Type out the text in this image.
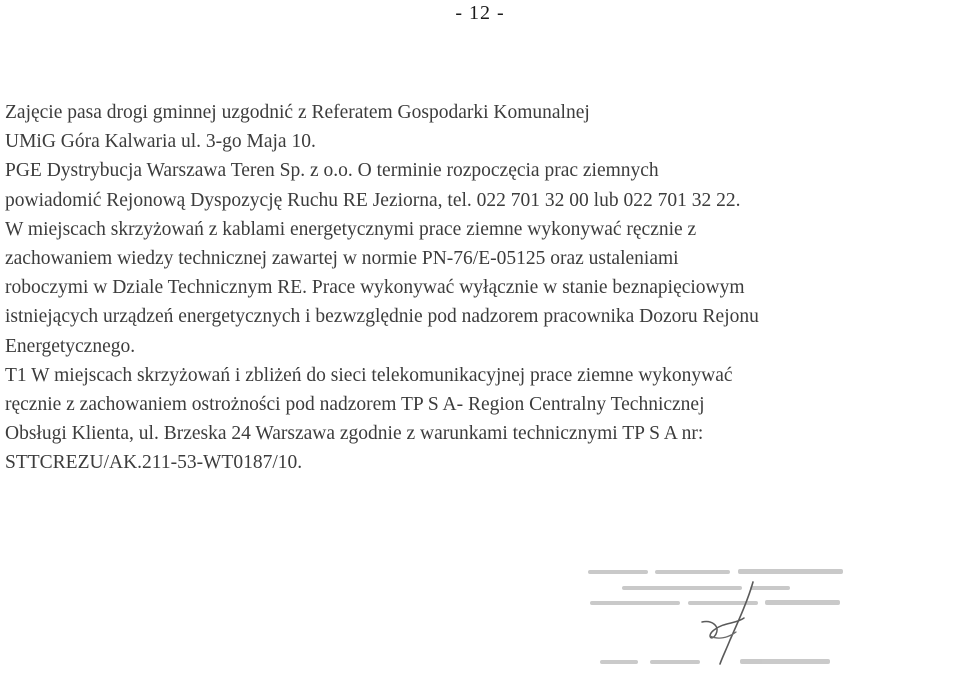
- 12 -
Zajęcie pasa drogi gminnej uzgodnić z Referatem Gospodarki Komunalnej
UMiG Góra Kalwaria ul. 3-go Maja 10.
PGE Dystrybucja Warszawa Teren Sp. z o.o. O terminie rozpoczęcia prac ziemnych
powiadomić Rejonową Dyspozycję Ruchu RE Jeziorna, tel. 022 701 32 00 lub 022 701 32 22.
W miejscach skrzyżowań z kablami energetycznymi prace ziemne wykonywać ręcznie z
zachowaniem wiedzy technicznej zawartej w normie PN-76/E-05125 oraz ustaleniami
roboczymi w Dziale Technicznym RE. Prace wykonywać wyłącznie w stanie beznapięciowym
istniejących urządzeń energetycznych i bezwzględnie pod nadzorem pracownika Dozoru Rejonu
Energetycznego.
T1 W miejscach skrzyżowań i zbliżeń do sieci telekomunikacyjnej prace ziemne wykonywać
ręcznie z zachowaniem ostrożności pod nadzorem TP S A- Region Centralny Technicznej
Obsługi Klienta, ul. Brzeska 24 Warszawa zgodnie z warunkami technicznymi TP S A nr:
STTCREZU/AK.211-53-WT0187/10.
